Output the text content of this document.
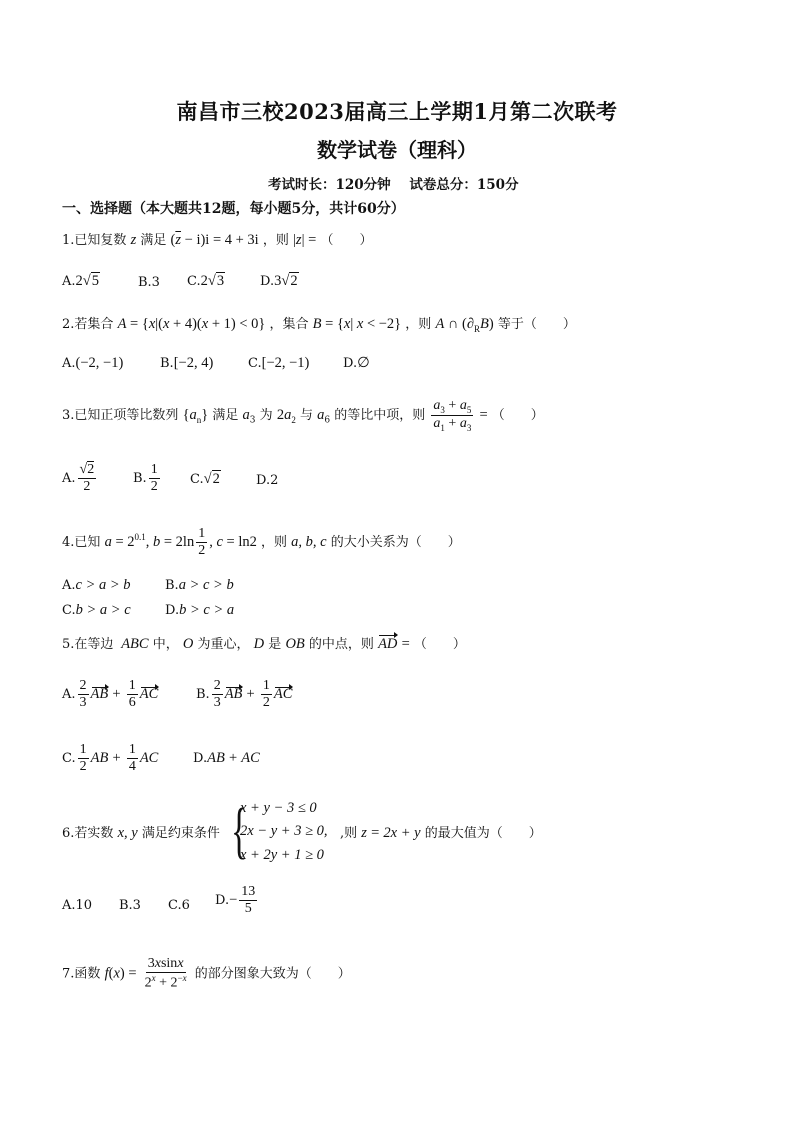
南昌市三校2023届高三上学期1月第二次联考
数学试卷（理科）
考试时长：120分钟 试卷总分：150分
一、选择题（本大题共12题，每小题5分，共计60分）
1.已知复数 z 满足 $(\overline{z} - i)i = 4 + 3i$ ，则 |z| = （　　）
A.2√5	B.3 C.2√3	D.3√2
2.若集合 A = {x|(x + 4)(x + 1) < 0} ，集合 B = {x| x < −2} ，则 A ∩ $(\partial_RB)$ 等于（　　）
A.(−2, −1)	B.[−2, 4)	C.[−2, −1)	D.∅
3.已知正项等比数列 $\{a_n\}$ 满足 $a_3$ 为 $2a_2$ 与 $a_6$ 的等比中项，则 $\frac{a_3 + a_5}{a_1 + a_3}$ = （　　）
A. $\frac{√2}{2}$	B. $\frac{1}{2} C.√2$	D.2
4.已知 $a = 2^{0.1}$, $b = 2\ln \frac{1}{2}$ , c = ln2 ，则 a, b, c 的大小关系为（　　）
A.c > a > b	B.a > c > b
C.b > a > c	D.b > c > a
5.在等边  ABC 中， O 为重心， D 是 OB 的中点，则 AD = （　　）
A. $\frac{2}{3}$ AB + $\frac{1}{6}$ AC	B. $\frac{2}{3}$ AB + $\frac{1}{2}$ AC
C. $\frac{1}{2}$ AB + $\frac{1}{4}$ AC	D.AB + AC
6.若实数 x, y 满足约束条件 {
x + y − 3 ≤ 0
2x − y + 3 ≥ 0, ,则 z = 2x + y 的最大值为（　　）
x + 2y + 1 ≥ 0
A.10 B.3 C.6 $D.- \frac{13}{5}$
7.函数 $f(x) = \frac{3xsinx}{2^x + 2^{-x}}$ 的部分图象大致为（　　）
